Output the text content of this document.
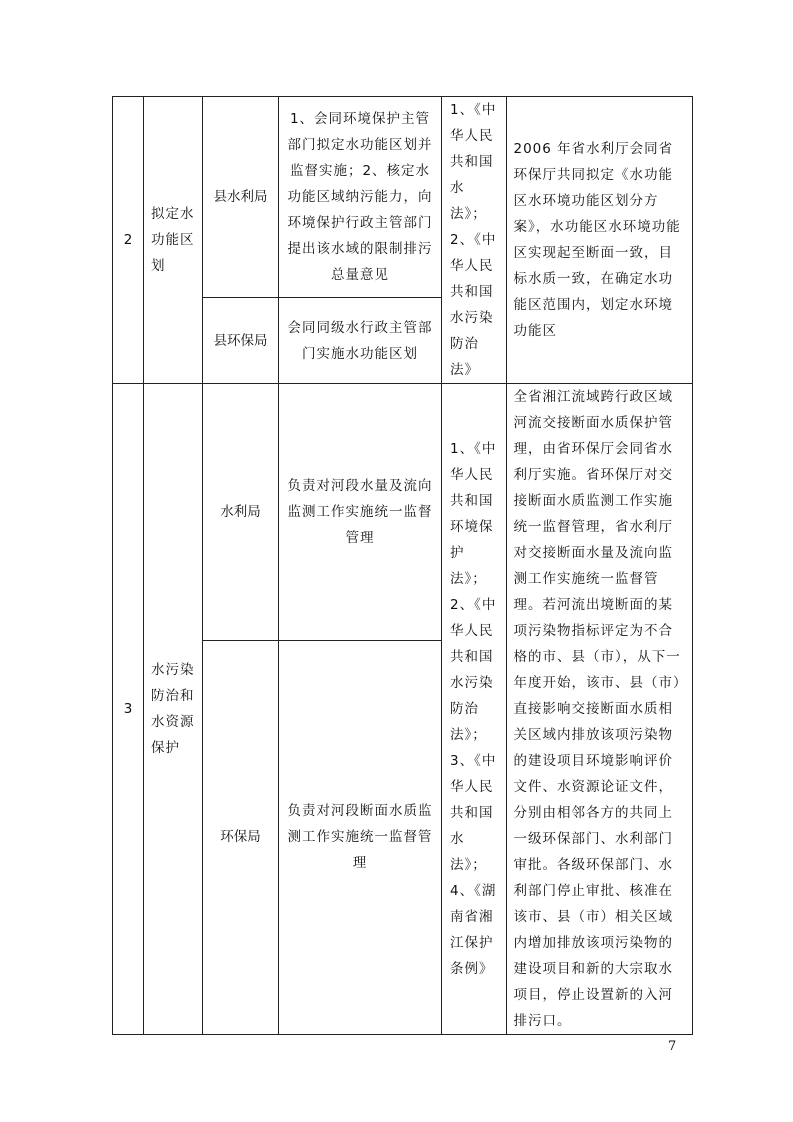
2	拟定水功能区划	县水利局	1、会同环境保护主管部门拟定水功能区划并监督实施；2、核定水功能区域纳污能力，向环境保护行政主管部门提出该水域的限制排污总量意见	1、《中华人民共和国水法》；2、《中华人民共和国水污染防治法》	2006 年省水利厅会同省环保厅共同拟定《水功能区水环境功能区划分方案》，水功能区水环境功能区实现起至断面一致，目标水质一致，在确定水功能区范围内，划定水环境功能区

		县环保局	会同同级水行政主管部门实施水功能区划		

3	水污染防治和水资源保护	水利局	负责对河段水量及流向监测工作实施统一监督管理	1、《中华人民共和国环境保护法》；2、《中华人民共和国水污染防治法》；3、《中华人民共和国水法》；4、《湖南省湘江保护条例》	全省湘江流域跨行政区域河流交接断面水质保护管理，由省环保厅会同省水利厅实施。省环保厅对交接断面水质监测工作实施统一监督管理，省水利厅对交接断面水量及流向监测工作实施统一监督管理。若河流出境断面的某项污染物指标评定为不合格的市、县（市），从下一年度开始，该市、县（市）直接影响交接断面水质相关区域内排放该项污染物的建设项目环境影响评价文件、水资源论证文件，分别由相邻各方的共同上一级环保部门、水利部门审批。各级环保部门、水利部门停止审批、核准在该市、县（市）相关区域内增加排放该项污染物的建设项目和新的大宗取水项目，停止设置新的入河排污口。

		环保局	负责对河段断面水质监测工作实施统一监督管理		
7
